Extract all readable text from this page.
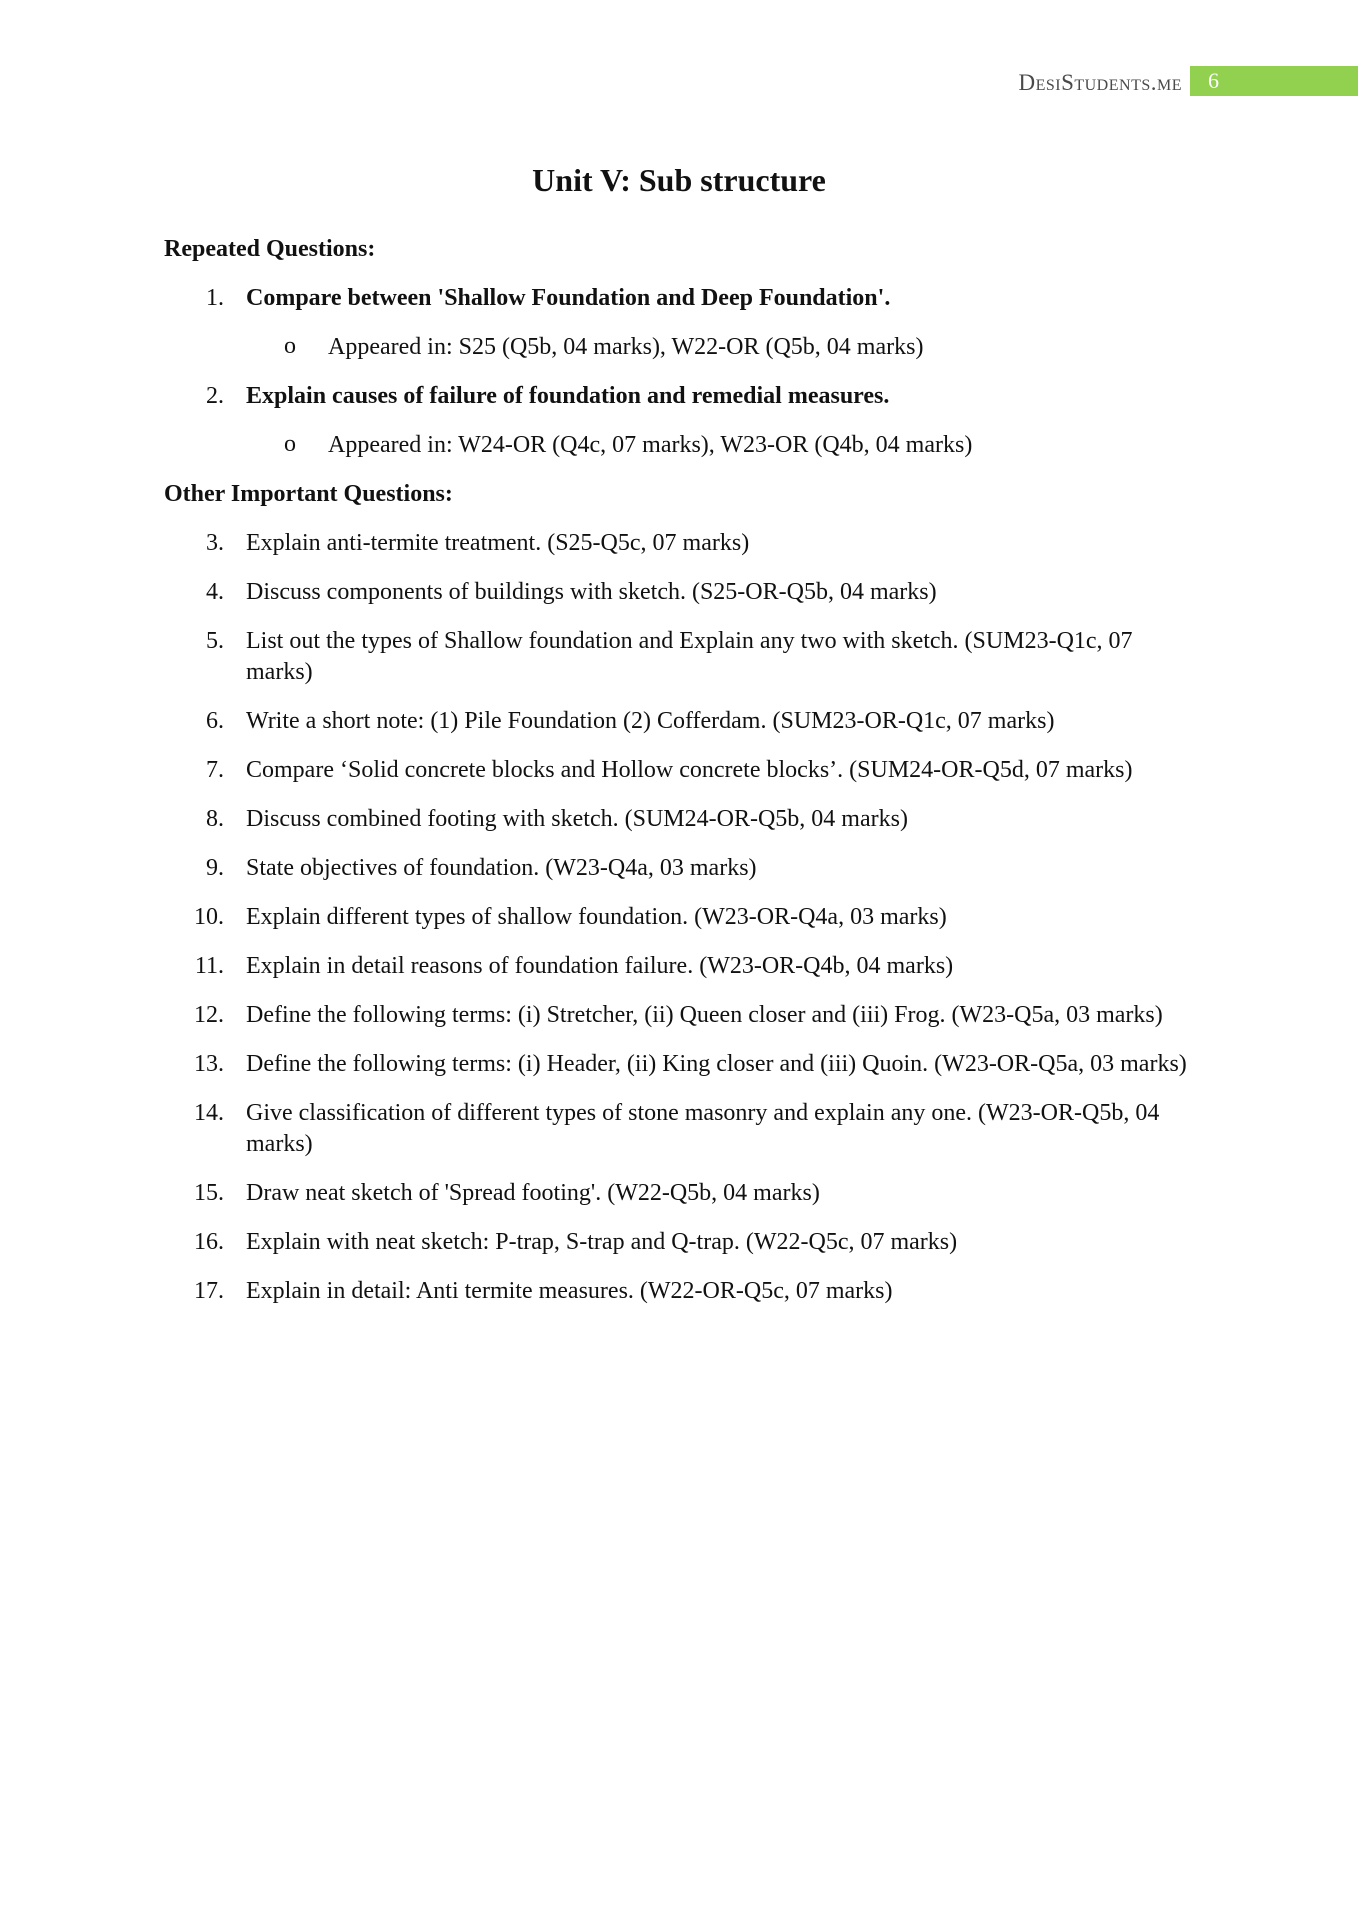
DesiStudents.me 6
Unit V: Sub structure

Repeated Questions:

1. Compare between 'Shallow Foundation and Deep Foundation'.
o Appeared in: S25 (Q5b, 04 marks), W22-OR (Q5b, 04 marks)
2. Explain causes of failure of foundation and remedial measures.
o Appeared in: W24-OR (Q4c, 07 marks), W23-OR (Q4b, 04 marks)

Other Important Questions:

3. Explain anti-termite treatment. (S25-Q5c, 07 marks)
4. Discuss components of buildings with sketch. (S25-OR-Q5b, 04 marks)
5. List out the types of Shallow foundation and Explain any two with sketch. (SUM23-Q1c, 07 marks)
6. Write a short note: (1) Pile Foundation (2) Cofferdam. (SUM23-OR-Q1c, 07 marks)
7. Compare ‘Solid concrete blocks and Hollow concrete blocks’. (SUM24-OR-Q5d, 07 marks)
8. Discuss combined footing with sketch. (SUM24-OR-Q5b, 04 marks)
9. State objectives of foundation. (W23-Q4a, 03 marks)
10. Explain different types of shallow foundation. (W23-OR-Q4a, 03 marks)
11. Explain in detail reasons of foundation failure. (W23-OR-Q4b, 04 marks)
12. Define the following terms: (i) Stretcher, (ii) Queen closer and (iii) Frog. (W23-Q5a, 03 marks)
13. Define the following terms: (i) Header, (ii) King closer and (iii) Quoin. (W23-OR-Q5a, 03 marks)
14. Give classification of different types of stone masonry and explain any one. (W23-OR-Q5b, 04 marks)
15. Draw neat sketch of 'Spread footing'. (W22-Q5b, 04 marks)
16. Explain with neat sketch: P-trap, S-trap and Q-trap. (W22-Q5c, 07 marks)
17. Explain in detail: Anti termite measures. (W22-OR-Q5c, 07 marks)
